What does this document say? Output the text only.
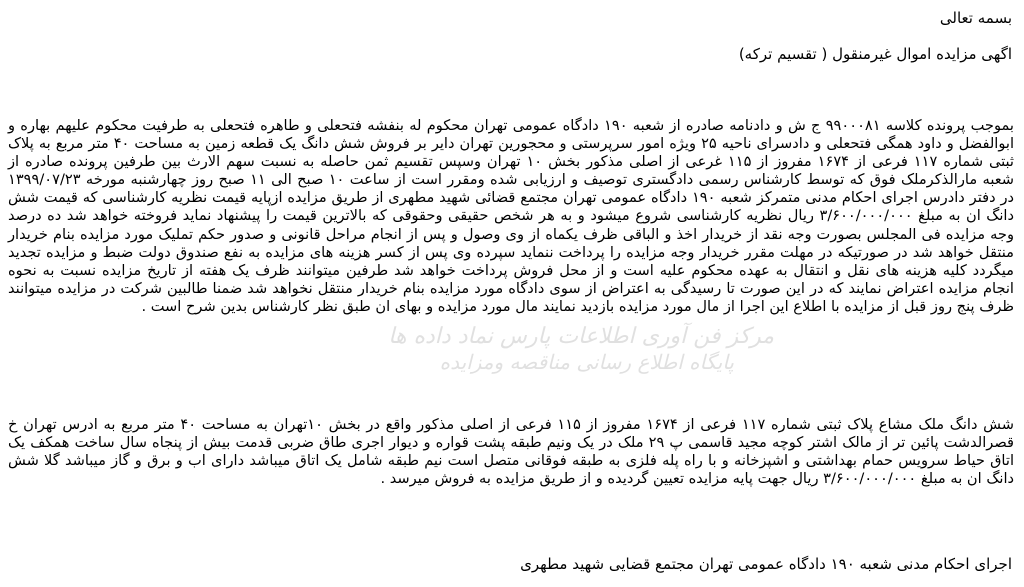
مرکز فن آوری اطلاعات پارس نماد داده ها
پایگاه اطلاع رسانی مناقصه ومزایده
بسمه تعالی
اگهی مزایده اموال غیرمنقول ( تقسیم ترکه)
بموجب پرونده کلاسه ۹۹۰۰۰۸۱ ج ش و دادنامه صادره از شعبه ۱۹۰ دادگاه عمومی تهران محکوم له بنفشه فتحعلی و طاهره فتحعلی به طرفیت محکوم علیهم بهاره و ابوالفضل و داود همگی فتحعلی و دادسرای ناحیه ۲۵ ویژه امور سرپرستی و محجورین تهران دایر بر فروش شش دانگ یک قطعه زمین به مساحت ۴۰ متر مربع به پلاک ثبتی شماره ۱۱۷ فرعی از ۱۶۷۴ مفروز از ۱۱۵ غرعی از اصلی مذکور بخش ۱۰ تهران وسپس تقسیم ثمن حاصله به نسبت سهم الارث بین طرفین پرونده صادره از شعبه مارالذکرملک فوق که توسط کارشناس رسمی دادگستری توصیف و ارزیابی شده ومقرر است از ساعت ۱۰ صبح الی ۱۱ صبح روز چهارشنبه مورخه ۱۳۹۹/۰۷/۲۳ در دفتر دادرس اجرای احکام مدنی متمرکز شعبه ۱۹۰ دادگاه عمومی تهران مجتمع قضائی شهید مطهری از طریق مزایده ازپایه قیمت نظریه کارشناسی که قیمت شش دانگ ان به مبلغ ۳/۶۰۰/۰۰۰/۰۰۰ ریال نظریه کارشناسی شروع میشود و به هر شخص حقیقی وحقوقی که بالاترین قیمت را پیشنهاد نماید فروخته خواهد شد ده درصد وجه مزایده فی المجلس بصورت وجه نقد از خریدار اخذ و الباقی ظرف یکماه از وی وصول و پس از انجام مراحل قانونی و صدور حکم تملیک مورد مزایده بنام خریدار منتقل خواهد شد در صورتیکه در مهلت مقرر خریدار وجه مزایده را پرداخت ننماید سپرده وی پس از کسر هزینه های مزایده به نفع صندوق دولت ضبط و مزایده تجدید میگردد کلیه هزینه های نقل و انتقال به عهده محکوم علیه است و از محل فروش پرداخت خواهد شد طرفین میتوانند ظرف یک هفته از تاریخ مزایده نسبت به نحوه انجام مزایده اعتراض نمایند که در این صورت تا رسیدگی به اعتراض از سوی دادگاه مورد مزایده بنام خریدار منتقل نخواهد شد ضمنا طالبین شرکت در مزایده میتوانند ظرف پنج روز قبل از مزایده با اطلاع این اجرا از مال مورد مزایده بازدید نمایند مال مورد مزایده و بهای ان طبق نظر کارشناس بدین شرح است .
شش دانگ ملک مشاع پلاک ثبتی شماره ۱۱۷ فرعی از ۱۶۷۴ مفروز از ۱۱۵ فرعی از اصلی مذکور واقع در بخش ۱۰تهران به مساحت ۴۰ متر مربع به ادرس تهران خ قصرالدشت پائین تر از مالک اشتر کوچه مجید قاسمی پ ۲۹ ملک در یک ونیم طبقه پشت قواره و دیوار اجری طاق ضربی قدمت بیش از پنجاه سال ساخت همکف یک اتاق حیاط سرویس حمام بهداشتی و اشپزخانه و با راه پله فلزی به طبقه فوقانی متصل است نیم طبقه شامل یک اتاق میباشد دارای اب و برق و گاز میباشد گلا شش دانگ ان به مبلغ ۳/۶۰۰/۰۰۰/۰۰۰ ریال جهت پایه مزایده تعیین گردیده و از طریق مزایده به فروش میرسد .
اجرای احکام مدنی شعبه ۱۹۰ دادگاه عمومی تهران مجتمع قضایی شهید مطهری
